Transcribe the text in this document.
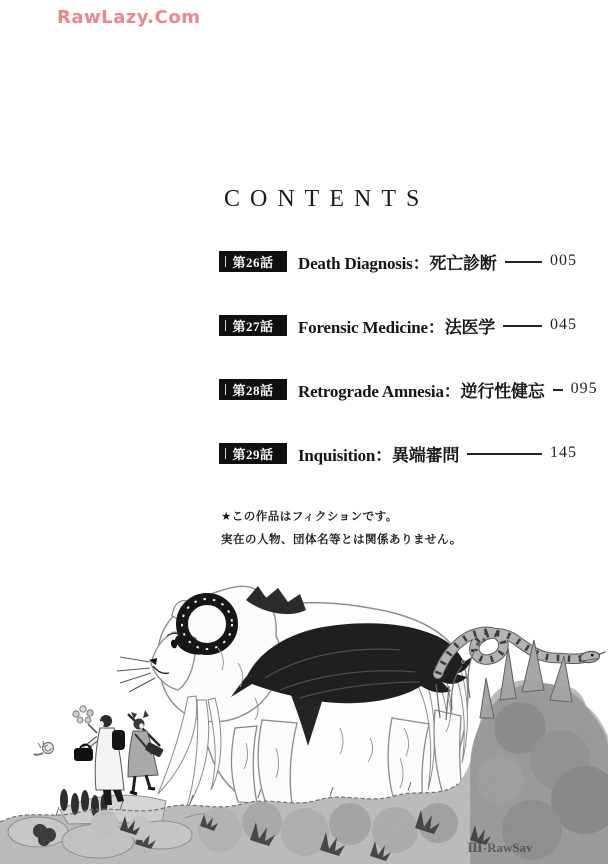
RawLazy.Com
CONTENTS
第26話 Death Diagnosis：死亡診断	005
第27話 Forensic Medicine：法医学	045
第28話 Retrograde Amnesia：逆行性健忘 095
第29話 Inquisition：異端審問	145
★この作品はフィクションです。
実在の人物、団体名等とは関係ありません。
Ⅲ-RawSav
